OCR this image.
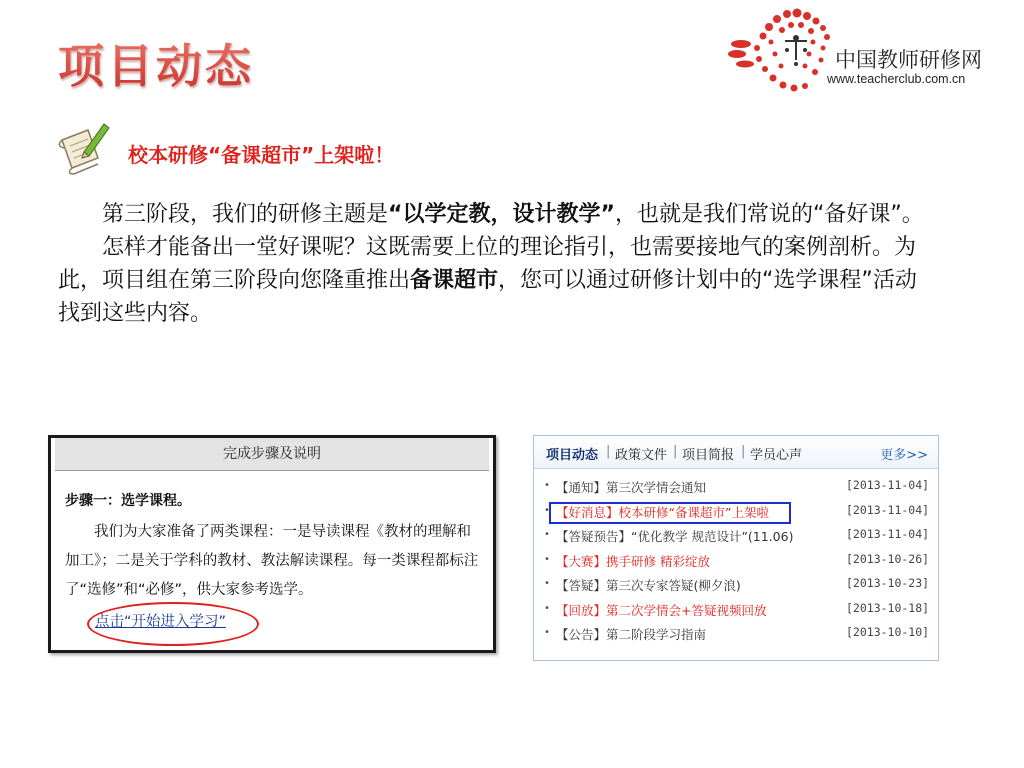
项目动态	中国教师研修网
www.teacherclub.com.cn
校本研修“备课超市”上架啦！

第三阶段，我们的研修主题是“以学定教，设计教学”，也就是我们常说的“备好课”。

怎样才能备出一堂好课呢？这既需要上位的理论指引，也需要接地气的案例剖析。为此，项目组在第三阶段向您隆重推出备课超市，您可以通过研修计划中的“选学课程”活动找到这些内容。

完成步骤及说明
步骤一：选学课程。

我们为大家准备了两类课程：一是导读课程《教材的理解和加工》；二是关于学科的教材、教法解读课程。每一类课程都标注了“选修”和“必修”，供大家参考选学。

点击“开始进入学习”
项目动态 | 政策文件 | 项目简报 | 学员心声	更多>>
• 【通知】第三次学情会通知	[2013-11-04]
• 【好消息】校本研修“备课超市”上架啦	[2013-11-04]
• 【答疑预告】“优化教学 规范设计”(11.06)	[2013-11-04]
• 【大赛】携手研修 精彩绽放	[2013-10-26]
• 【答疑】第三次专家答疑(柳夕浪)	[2013-10-23]
• 【回放】第二次学情会+答疑视频回放	[2013-10-18]
• 【公告】第二阶段学习指南	[2013-10-10]
